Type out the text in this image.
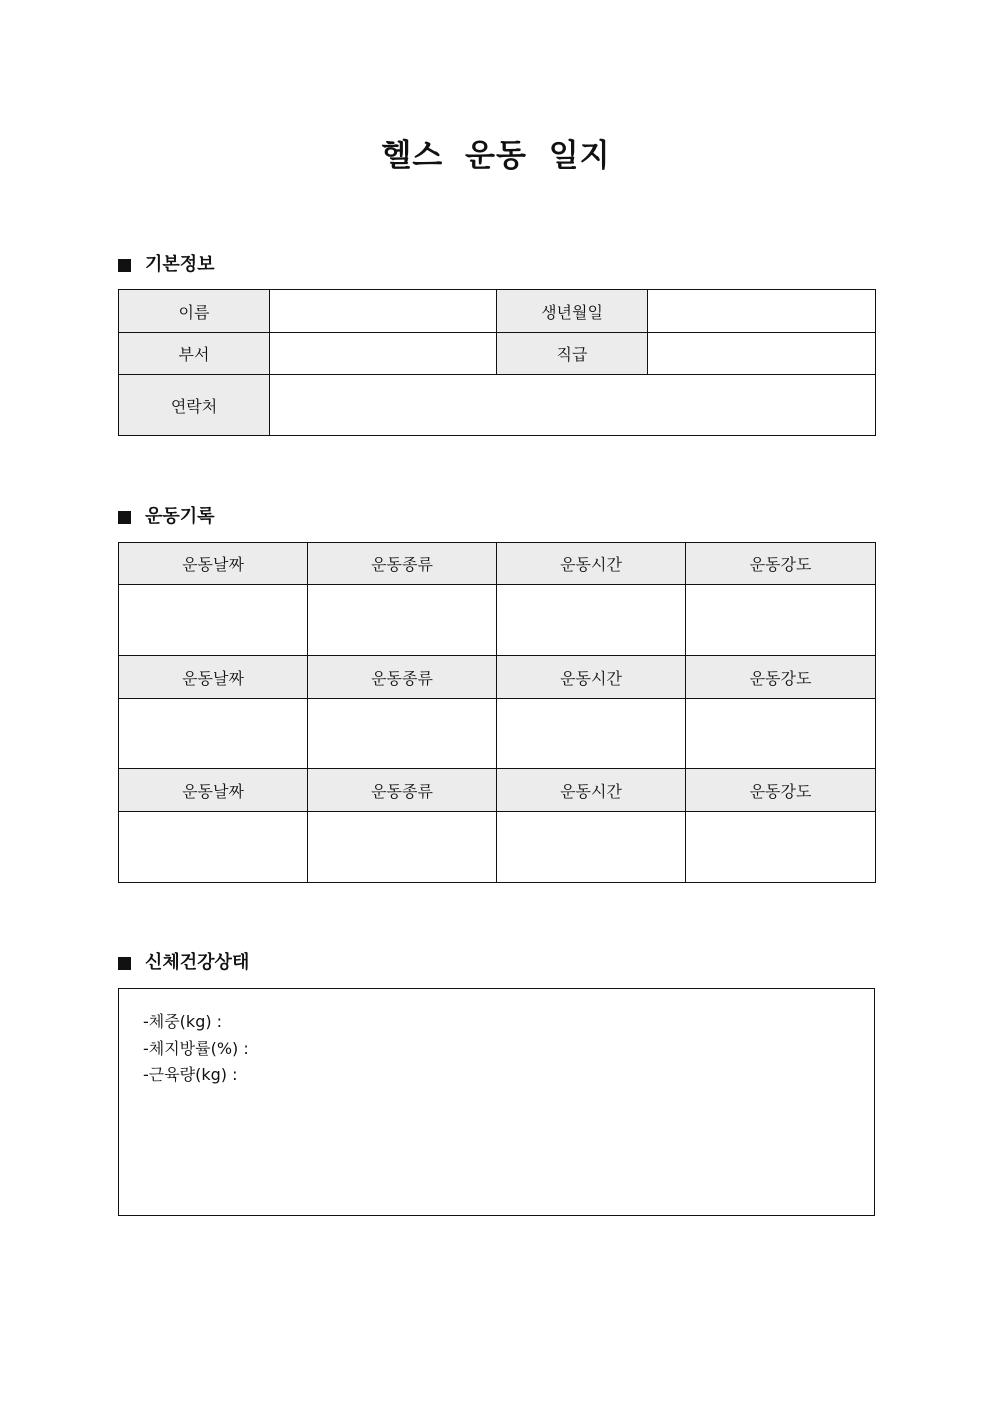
헬스 운동 일지
기본정보
이름		생년월일	
부서		직급	
연락처			
운동기록
운동날짜	운동종류	운동시간	운동강도

운동날짜	운동종류	운동시간	운동강도

운동날짜	운동종류	운동시간	운동강도

신체건강상태
-체중(kg) :
-체지방률(%) :
-근육량(kg) :
